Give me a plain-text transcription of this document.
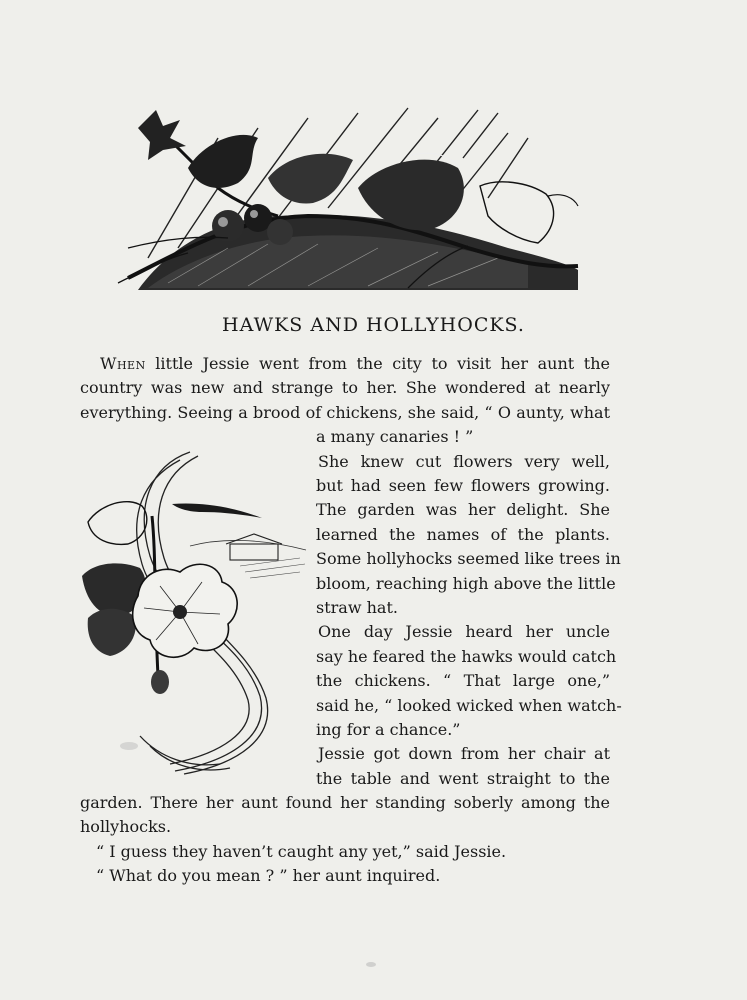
HAWKS AND HOLLYHOCKS.
When little Jessie went from the city to visit her aunt the
country was new and strange to her. She wondered at nearly
everything. Seeing a brood of chickens, she said, “ O aunty, what
a many canaries ! ”
She knew cut flowers very well,
but had seen few flowers growing.
The garden was her delight. She
learned the names of the plants.
Some hollyhocks seemed like trees in
bloom, reaching high above the little
straw hat.
One day Jessie heard her uncle
say he feared the hawks would catch
the chickens. “ That large one,”
said he, “ looked wicked when watch-
ing for a chance.”
Jessie got down from her chair at
the table and went straight to the
garden. There her aunt found her standing soberly among the
hollyhocks.
“ I guess they haven’t caught any yet,” said Jessie.
“ What do you mean ? ” her aunt inquired.
